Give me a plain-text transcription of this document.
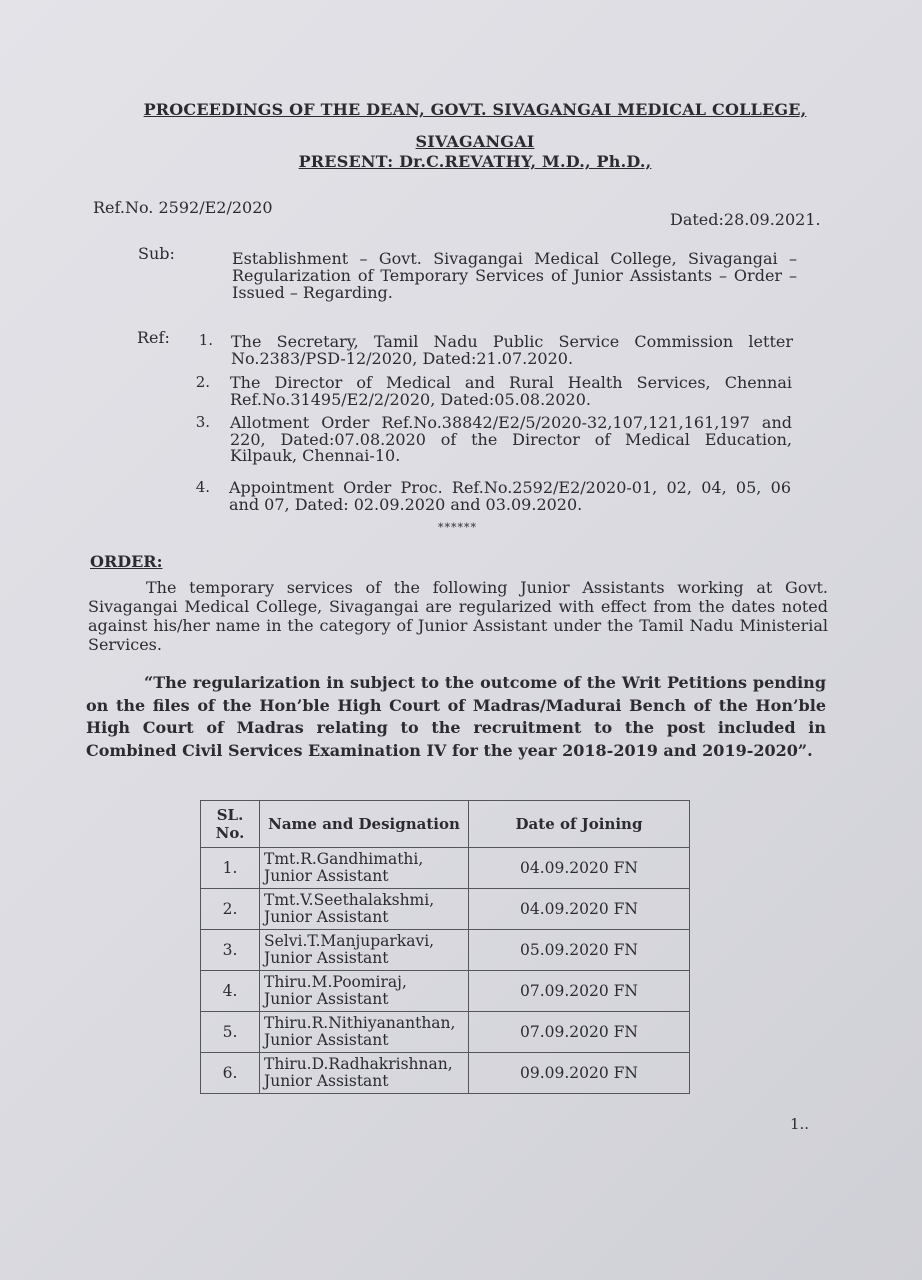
PROCEEDINGS OF THE DEAN, GOVT. SIVAGANGAI MEDICAL COLLEGE,
SIVAGANGAI
PRESENT: Dr.C.REVATHY, M.D., Ph.D.,
Ref.No. 2592/E2/2020
Dated:28.09.2021.
Sub:	Establishment – Govt. Sivagangai Medical College, Sivagangai – Regularization of Temporary Services of Junior Assistants – Order – Issued – Regarding.
Ref:	1. The Secretary, Tamil Nadu Public Service Commission letter No.2383/PSD-12/2020, Dated:21.07.2020.
2. The Director of Medical and Rural Health Services, Chennai Ref.No.31495/E2/2/2020, Dated:05.08.2020.
3. Allotment Order Ref.No.38842/E2/5/2020-32,107,121,161,197 and 220, Dated:07.08.2020 of the Director of Medical Education, Kilpauk, Chennai-10.
4. Appointment Order Proc. Ref.No.2592/E2/2020-01, 02, 04, 05, 06 and 07, Dated: 02.09.2020 and 03.09.2020.
******
ORDER:
The temporary services of the following Junior Assistants working at Govt. Sivagangai Medical College, Sivagangai are regularized with effect from the dates noted against his/her name in the category of Junior Assistant under the Tamil Nadu Ministerial Services.
“The regularization in subject to the outcome of the Writ Petitions pending on the files of the Hon’ble High Court of Madras/Madurai Bench of the Hon’ble High Court of Madras relating to the recruitment to the post included in Combined Civil Services Examination IV for the year 2018-2019 and 2019-2020”.
SL.
No.	Name and Designation	Date of Joining
1.	Tmt.R.Gandhimathi,
Junior Assistant	04.09.2020 FN
2.	Tmt.V.Seethalakshmi,
Junior Assistant	04.09.2020 FN
3.	Selvi.T.Manjuparkavi,
Junior Assistant	05.09.2020 FN
4.	Thiru.M.Poomiraj,
Junior Assistant	07.09.2020 FN
5.	Thiru.R.Nithiyananthan,
Junior Assistant	07.09.2020 FN
6.	Thiru.D.Radhakrishnan,
Junior Assistant	09.09.2020 FN
1..
